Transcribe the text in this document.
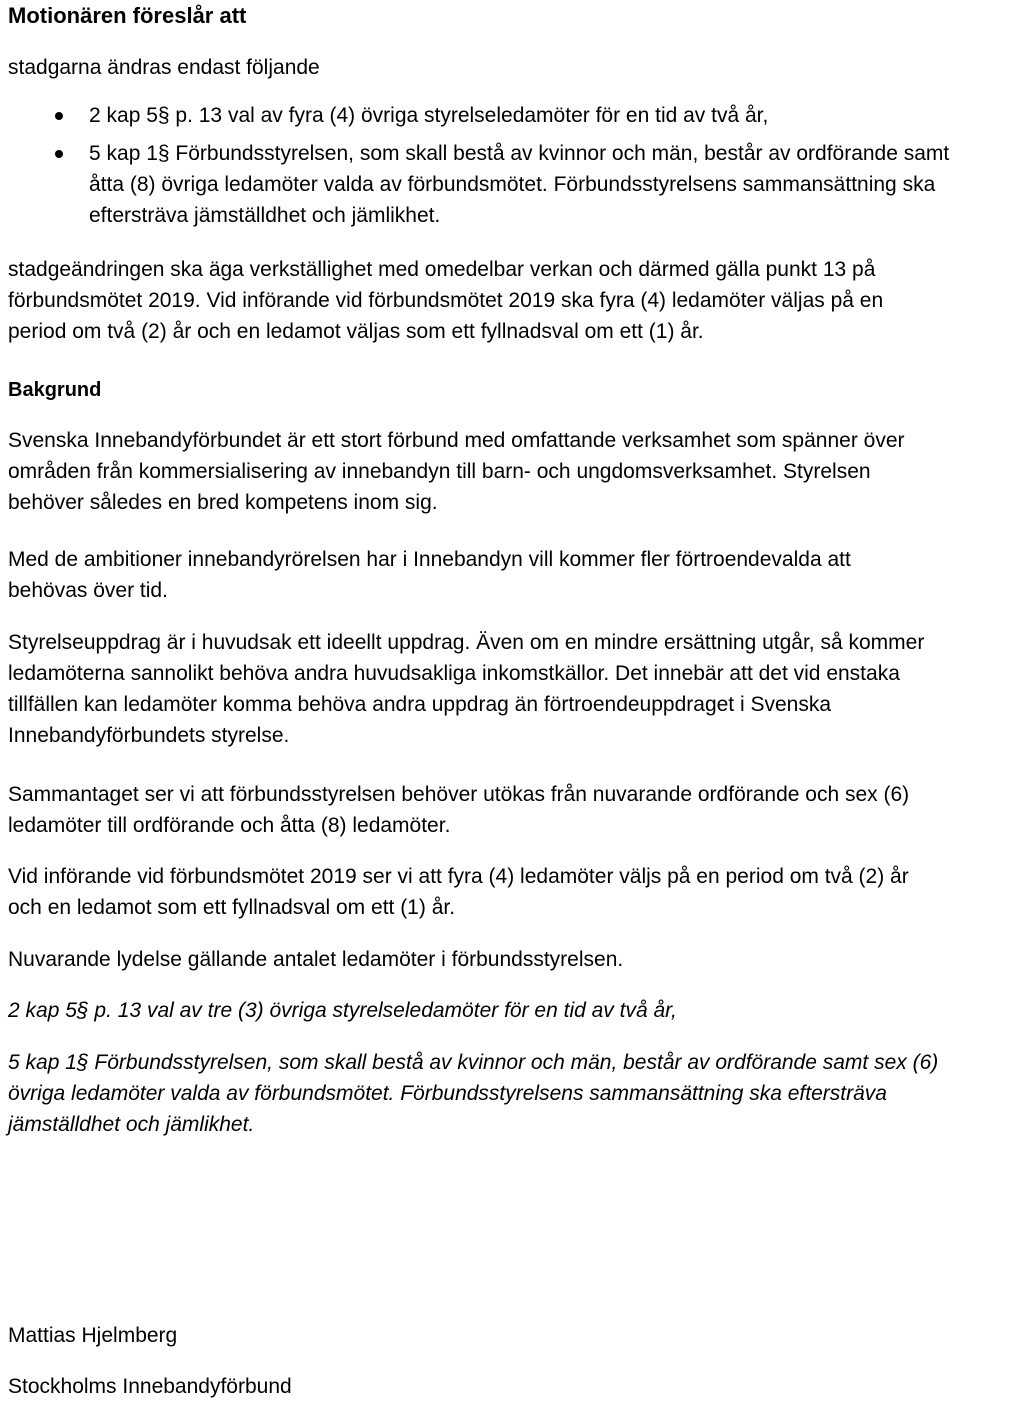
Motionären föreslår att
stadgarna ändras endast följande
2 kap 5§ p. 13 val av fyra (4) övriga styrelseledamöter för en tid av två år,
5 kap 1§ Förbundsstyrelsen, som skall bestå av kvinnor och män, består av ordförande samt
åtta (8) övriga ledamöter valda av förbundsmötet. Förbundsstyrelsens sammansättning ska
eftersträva jämställdhet och jämlikhet.
stadgeändringen ska äga verkställighet med omedelbar verkan och därmed gälla punkt 13 på
förbundsmötet 2019. Vid införande vid förbundsmötet 2019 ska fyra (4) ledamöter väljas på en
period om två (2) år och en ledamot väljas som ett fyllnadsval om ett (1) år.
Bakgrund
Svenska Innebandyförbundet är ett stort förbund med omfattande verksamhet som spänner över
områden från kommersialisering av innebandyn till barn- och ungdomsverksamhet. Styrelsen
behöver således en bred kompetens inom sig.
Med de ambitioner innebandyrörelsen har i Innebandyn vill kommer fler förtroendevalda att
behövas över tid.
Styrelseuppdrag är i huvudsak ett ideellt uppdrag. Även om en mindre ersättning utgår, så kommer
ledamöterna sannolikt behöva andra huvudsakliga inkomstkällor. Det innebär att det vid enstaka
tillfällen kan ledamöter komma behöva andra uppdrag än förtroendeuppdraget i Svenska
Innebandyförbundets styrelse.
Sammantaget ser vi att förbundsstyrelsen behöver utökas från nuvarande ordförande och sex (6)
ledamöter till ordförande och åtta (8) ledamöter.
Vid införande vid förbundsmötet 2019 ser vi att fyra (4) ledamöter väljs på en period om två (2) år
och en ledamot som ett fyllnadsval om ett (1) år.
Nuvarande lydelse gällande antalet ledamöter i förbundsstyrelsen.
2 kap 5§ p. 13 val av tre (3) övriga styrelseledamöter för en tid av två år,
5 kap 1§ Förbundsstyrelsen, som skall bestå av kvinnor och män, består av ordförande samt sex (6)
övriga ledamöter valda av förbundsmötet. Förbundsstyrelsens sammansättning ska eftersträva
jämställdhet och jämlikhet.
Mattias Hjelmberg
Stockholms Innebandyförbund
